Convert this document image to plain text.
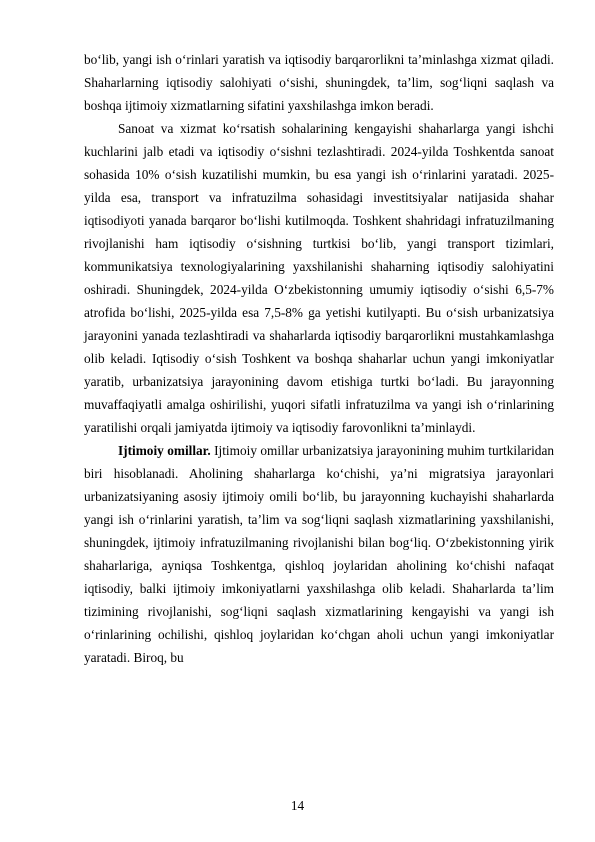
bo‘lib, yangi ish o‘rinlari yaratish va iqtisodiy barqarorlikni ta’minlashga xizmat qiladi. Shaharlarning iqtisodiy salohiyati o‘sishi, shuningdek, ta’lim, sog‘liqni saqlash va boshqa ijtimoiy xizmatlarning sifatini yaxshilashga imkon beradi.

Sanoat va xizmat ko‘rsatish sohalarining kengayishi shaharlarga yangi ishchi kuchlarini jalb etadi va iqtisodiy o‘sishni tezlashtiradi. 2024-yilda Toshkentda sanoat sohasida 10% o‘sish kuzatilishi mumkin, bu esa yangi ish o‘rinlarini yaratadi. 2025-yilda esa, transport va infratuzilma sohasidagi investitsiyalar natijasida shahar iqtisodiyoti yanada barqaror bo‘lishi kutilmoqda. Toshkent shahridagi infratuzilmaning rivojlanishi ham iqtisodiy o‘sishning turtkisi bo‘lib, yangi transport tizimlari, kommunikatsiya texnologiyalarining yaxshilanishi shaharning iqtisodiy salohiyatini oshiradi. Shuningdek, 2024-yilda O‘zbekistonning umumiy iqtisodiy o‘sishi 6,5-7% atrofida bo‘lishi, 2025-yilda esa 7,5-8% ga yetishi kutilyapti. Bu o‘sish urbanizatsiya jarayonini yanada tezlashtiradi va shaharlarda iqtisodiy barqarorlikni mustahkamlashga olib keladi. Iqtisodiy o‘sish Toshkent va boshqa shaharlar uchun yangi imkoniyatlar yaratib, urbanizatsiya jarayonining davom etishiga turtki bo‘ladi. Bu jarayonning muvaffaqiyatli amalga oshirilishi, yuqori sifatli infratuzilma va yangi ish o‘rinlarining yaratilishi orqali jamiyatda ijtimoiy va iqtisodiy farovonlikni ta’minlaydi.

Ijtimoiy omillar. Ijtimoiy omillar urbanizatsiya jarayonining muhim turtkilaridan biri hisoblanadi. Aholining shaharlarga ko‘chishi, ya’ni migratsiya jarayonlari urbanizatsiyaning asosiy ijtimoiy omili bo‘lib, bu jarayonning kuchayishi shaharlarda yangi ish o‘rinlarini yaratish, ta’lim va sog‘liqni saqlash xizmatlarining yaxshilanishi, shuningdek, ijtimoiy infratuzilmaning rivojlanishi bilan bog‘liq. O‘zbekistonning yirik shaharlariga, ayniqsa Toshkentga, qishloq joylaridan aholining ko‘chishi nafaqat iqtisodiy, balki ijtimoiy imkoniyatlarni yaxshilashga olib keladi. Shaharlarda ta’lim tizimining rivojlanishi, sog‘liqni saqlash xizmatlarining kengayishi va yangi ish o‘rinlarining ochilishi, qishloq joylaridan ko‘chgan aholi uchun yangi imkoniyatlar yaratadi. Biroq, bu

14
